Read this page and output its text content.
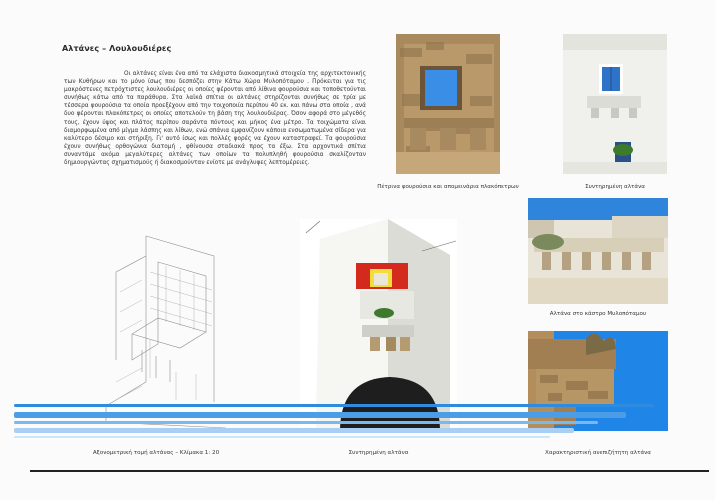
Αλτάνες – Λουλουδιέρες
Οι αλτάνες είναι ένα από τα ελάχιστα διακοσμητικά στοιχεία της αρχιτεκτονικής των Κυθήρων και το μόνο ίσως που δεσπόζει στην Κάτω Χώρα Μυλοπόταμου . Πρόκειται για τις μακρόστενες πετρόχτιστες λουλουδιέρες οι οποίες φέρονται από λίθινα φουρούσια και τοποθετούνται συνήθως κάτω από τα παράθυρα. Στα λαϊκά σπίτια οι αλτάνες στηρίζονται συνήθως σε τρία με τέσσερα φουρούσια τα οποία προεξέχουν από την τοιχοποιία περίπου 40 εκ. και πάνω στα οποία , ανά δυο φέρονται πλακόπετρες οι οποίες αποτελούν τη βάση της λουλουδιέρας. Όσον αφορά στο μέγεθός τους, έχουν ύψος και πλάτος περίπου σαράντα πόντους και μήκος ένα μέτρο. Τα τοιχώματα είναι διαμορφωμένα από μίγμα λάσπης και λίθων, ενώ σπάνια εμφανίζουν κάποια ενσωματωμένα σίδερα για καλύτερο δέσιμο και στήριξη. Γι' αυτό ίσως και πολλές φορές να έχουν καταστραφεί. Τα φουρούσια έχουν συνήθως ορθογώνια διατομή , φθίνουσα σταδιακά προς τα έξω. Στα αρχοντικά σπίτια συναντάμε ακόμα μεγαλύτερες αλτάνες των οποίων τα πολυπληθή φουρούσια σκαλίζονταν δημιουργώντας σχηματισμούς ή διακοσμούνταν ενίοτε με ανάγλυφες λεπτομέρειες.
Πέτρινα φουρούσια και απομεινάρια πλακόπετρων	Συντηρημένη αλτάνα
Αλτάνα στο κάστρο Μυλοπόταμου
Αξονομετρική τομή αλτάνας – Κλίμακα 1: 20	Συντηρημένη αλτάνα	Χαρακτηριστική ανεπιζήτητη αλτάνα
